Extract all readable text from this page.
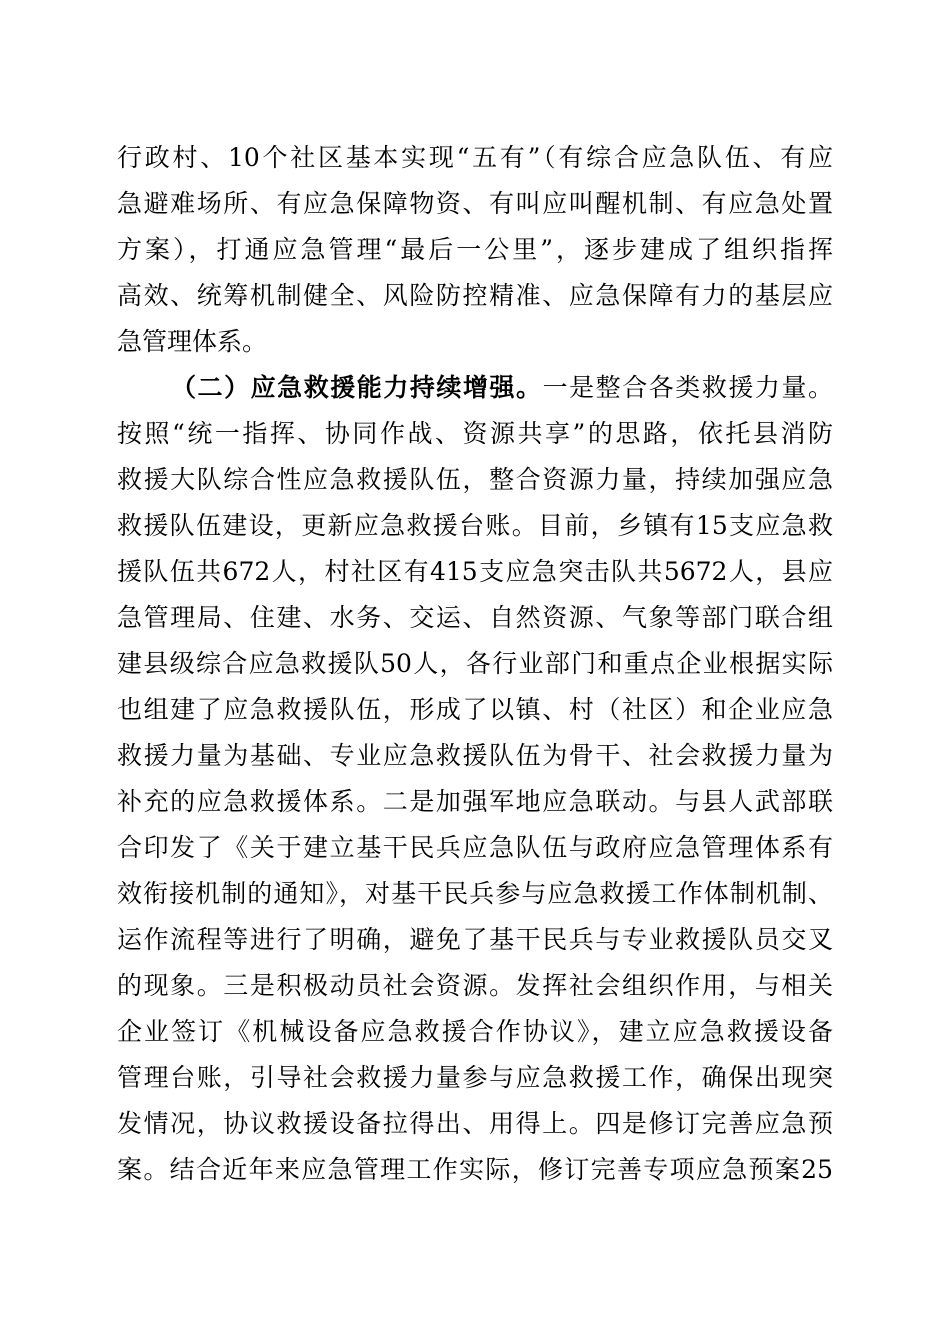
行政村、10个社区基本实现“五有”（有综合应急队伍、有应
急避难场所、有应急保障物资、有叫应叫醒机制、有应急处置
方案），打通应急管理“最后一公里”，逐步建成了组织指挥
高效、统筹机制健全、风险防控精准、应急保障有力的基层应
急管理体系。
（二）应急救援能力持续增强。一是整合各类救援力量。
按照“统一指挥、协同作战、资源共享”的思路，依托县消防
救援大队综合性应急救援队伍，整合资源力量，持续加强应急
救援队伍建设，更新应急救援台账。目前，乡镇有15支应急救
援队伍共672人，村社区有415支应急突击队共5672人，县应
急管理局、住建、水务、交运、自然资源、气象等部门联合组
建县级综合应急救援队50人，各行业部门和重点企业根据实际
也组建了应急救援队伍，形成了以镇、村（社区）和企业应急
救援力量为基础、专业应急救援队伍为骨干、社会救援力量为
补充的应急救援体系。二是加强军地应急联动。与县人武部联
合印发了《关于建立基干民兵应急队伍与政府应急管理体系有
效衔接机制的通知》，对基干民兵参与应急救援工作体制机制、
运作流程等进行了明确，避免了基干民兵与专业救援队员交叉
的现象。三是积极动员社会资源。发挥社会组织作用，与相关
企业签订《机械设备应急救援合作协议》，建立应急救援设备
管理台账，引导社会救援力量参与应急救援工作，确保出现突
发情况，协议救援设备拉得出、用得上。四是修订完善应急预
案。结合近年来应急管理工作实际，修订完善专项应急预案25
